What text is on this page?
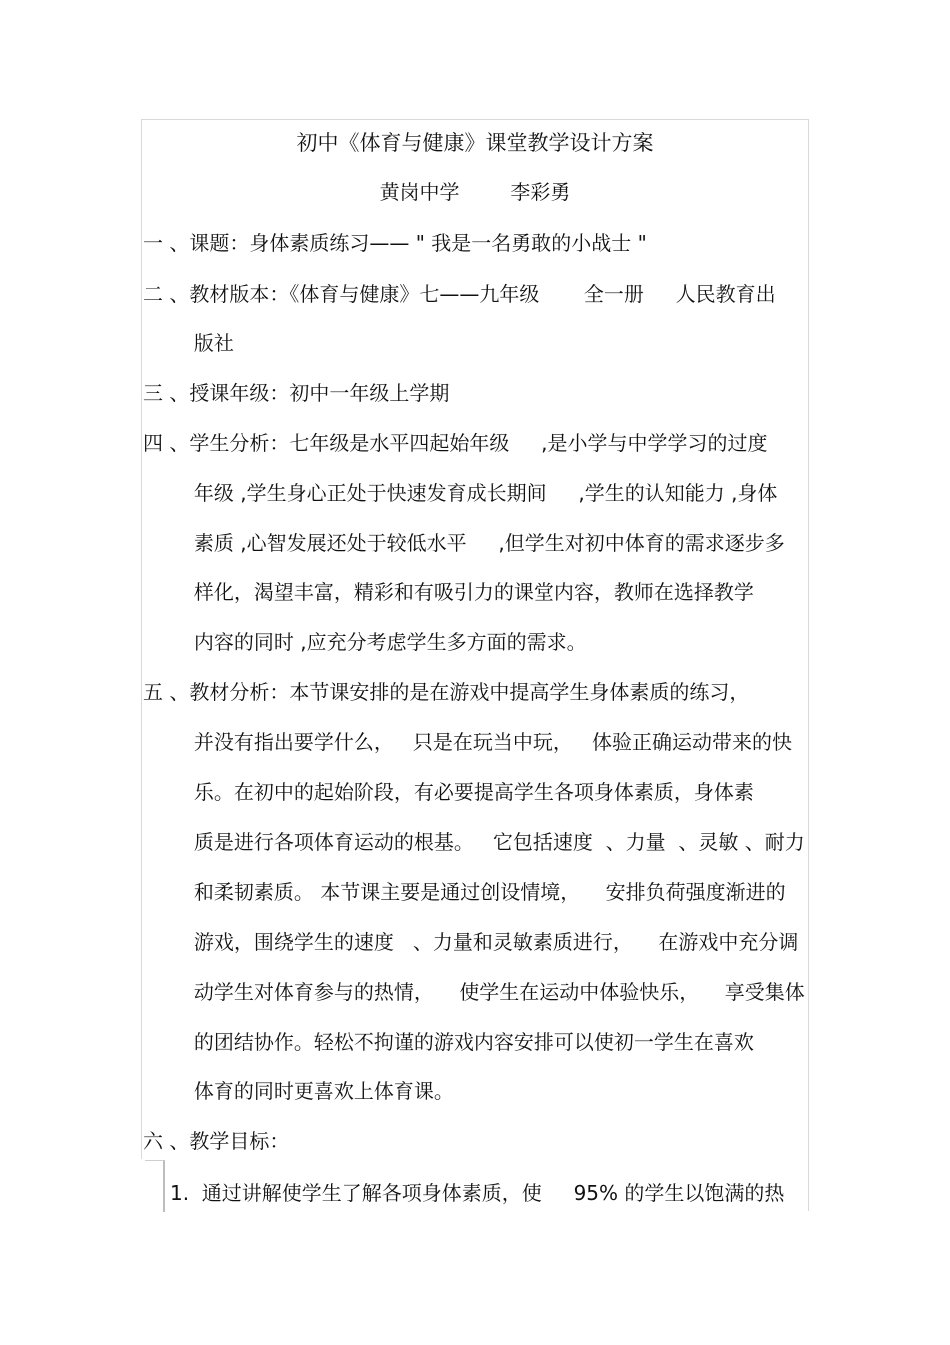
初中《体育与健康》课堂教学设计方案
黄岗中学        李彩勇
一 、课题：身体素质练习—— " 我是一名勇敢的小战士 "
二 、教材版本：《体育与健康》七——九年级       全一册     人民教育出
版社
三 、授课年级：初中一年级上学期
四 、学生分析：七年级是水平四起始年级     ,是小学与中学学习的过度
年级 ,学生身心正处于快速发育成长期间     ,学生的认知能力 ,身体
素质 ,心智发展还处于较低水平     ,但学生对初中体育的需求逐步多
样化，渴望丰富，精彩和有吸引力的课堂内容，教师在选择教学
内容的同时 ,应充分考虑学生多方面的需求。
五 、教材分析：本节课安排的是在游戏中提高学生身体素质的练习，
并没有指出要学什么，   只是在玩当中玩，   体验正确运动带来的快
乐。在初中的起始阶段，有必要提高学生各项身体素质，身体素
质是进行各项体育运动的根基。   它包括速度  、力量  、灵敏 、耐力
和柔韧素质。 本节课主要是通过创设情境，    安排负荷强度渐进的
游戏，围绕学生的速度   、力量和灵敏素质进行，    在游戏中充分调
动学生对体育参与的热情，    使学生在运动中体验快乐，    享受集体
的团结协作。轻松不拘谨的游戏内容安排可以使初一学生在喜欢
体育的同时更喜欢上体育课。
六 、教学目标：
1.  通过讲解使学生了解各项身体素质，使     95% 的学生以饱满的热
